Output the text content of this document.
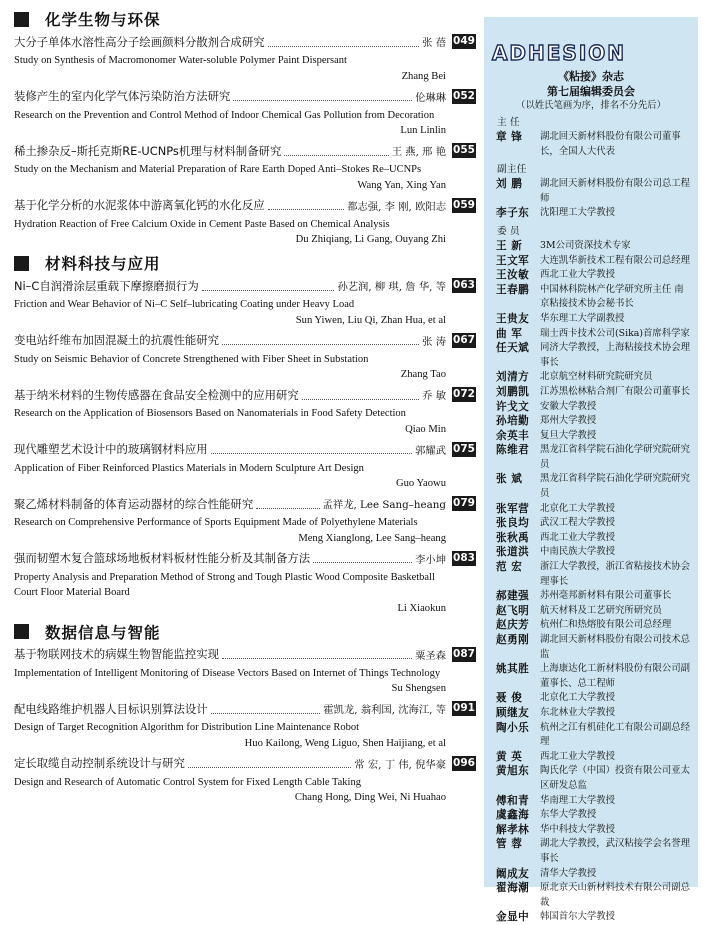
化学生物与环保
大分子单体水溶性高分子绘画颜料分散剂合成研究	张 蓓 049
Study on Synthesis of Macromonomer Water-soluble Polymer Paint Dispersant
Zhang Bei
装修产生的室内化学气体污染防治方法研究	伦琳琳 052
Research on the Prevention and Control Method of Indoor Chemical Gas Pollution from Decoration
Lun Linlin
稀土掺杂反–斯托克斯RE-UCNPs机理与材料制备研究	王 燕, 邢 艳 055
Study on the Mechanism and Material Preparation of Rare Earth Doped Anti–Stokes Re–UCNPs
Wang Yan, Xing Yan
基于化学分析的水泥浆体中游离氧化钙的水化反应	都志强, 李 刚, 欧阳志 059
Hydration Reaction of Free Calcium Oxide in Cement Paste Based on Chemical Analysis
Du Zhiqiang, Li Gang, Ouyang Zhi
材料科技与应用
Ni–C自润滑涂层重载下摩擦磨损行为	孙艺润, 柳 琪, 詹 华, 等 063
Friction and Wear Behavior of Ni–C Self–lubricating Coating under Heavy Load
Sun Yiwen, Liu Qi, Zhan Hua, et al
变电站纤维布加固混凝土的抗震性能研究	张 涛 067
Study on Seismic Behavior of Concrete Strengthened with Fiber Sheet in Substation
Zhang Tao
基于纳米材料的生物传感器在食品安全检测中的应用研究	乔 敏 072
Research on the Application of Biosensors Based on Nanomaterials in Food Safety Detection
Qiao Min
现代雕塑艺术设计中的玻璃钢材料应用	郭耀武 075
Application of Fiber Reinforced Plastics Materials in Modern Sculpture Art Design
Guo Yaowu
聚乙烯材料制备的体育运动器材的综合性能研究	孟祥龙, Lee Sang–heang 079
Research on Comprehensive Performance of Sports Equipment Made of Polyethylene Materials
Meng Xianglong, Lee Sang–heang
强而韧塑木复合篮球场地板材料板材性能分析及其制备方法	李小坤 083
Property Analysis and Preparation Method of Strong and Tough Plastic Wood Composite Basketball Court Floor Material Board
Li Xiaokun
数据信息与智能
基于物联网技术的病媒生物智能监控实现	粟圣森 087
Implementation of Intelligent Monitoring of Disease Vectors Based on Internet of Things Technology
Su Shengsen
配电线路维护机器人目标识别算法设计	霍凯龙, 翁利国, 沈海江, 等 091
Design of Target Recognition Algorithm for Distribution Line Maintenance Robot
Huo Kailong, Weng Liguo, Shen Haijiang, et al
定长取缆自动控制系统设计与研究	常 宏, 丁 伟, 倪华豪 096
Design and Research of Automatic Control System for Fixed Length Cable Taking
Chang Hong, Ding Wei, Ni Huahao
ADHESION
《粘接》杂志
第七届编辑委员会
（以姓氏笔画为序，排名不分先后）
主 任
章 锋	湖北回天新材料股份有限公司董事长，全国人大代表
副主任
刘 鹏	湖北回天新材料股份有限公司总工程师
李子东	沈阳理工大学教授
委 员
王 新	3M公司资深技术专家
王文军	大连凯华新技术工程有限公司总经理
王汝敏	西北工业大学教授
王春鹏	中国林科院林产化学研究所主任 南京粘接技术协会秘书长
王贵友	华东理工大学副教授
曲 军	瑞士西卡技术公司(Sika)首席科学家
任天斌	同济大学教授，上海粘接技术协会理事长
刘清方	北京航空材料研究院研究员
刘鹏凯	江苏黑松林粘合剂厂有限公司董事长
许戈文	安徽大学教授
孙培勤	郑州大学教授
余英丰	复旦大学教授
陈维君	黑龙江省科学院石油化学研究院研究员
张 斌	黑龙江省科学院石油化学研究院研究员
张军营	北京化工大学教授
张良均	武汉工程大学教授
张秋禹	西北工业大学教授
张道洪	中南民族大学教授
范 宏	浙江大学教授，浙江省粘接技术协会理事长
郝建强	苏州毫邦新材料有限公司董事长
赵飞明	航天材料及工艺研究所研究员
赵庆芳	杭州仁和热熔胶有限公司总经理
赵勇刚	湖北回天新材料股份有限公司技术总监
姚其胜	上海康达化工新材料股份有限公司副董事长、总工程师
聂 俊	北京化工大学教授
顾继友	东北林业大学教授
陶小乐	杭州之江有机硅化工有限公司副总经理
黄 英	西北工业大学教授
黄旭东	陶氏化学（中国）投资有限公司亚太区研发总监
傅和青	华南理工大学教授
虞鑫海	东华大学教授
解孝林	华中科技大学教授
管 蓉	湖北大学教授，武汉粘接学会名誉理事长
阚成友	清华大学教授
翟海潮	原北京天山新材料技术有限公司副总裁
金显中	韩国首尔大学教授
